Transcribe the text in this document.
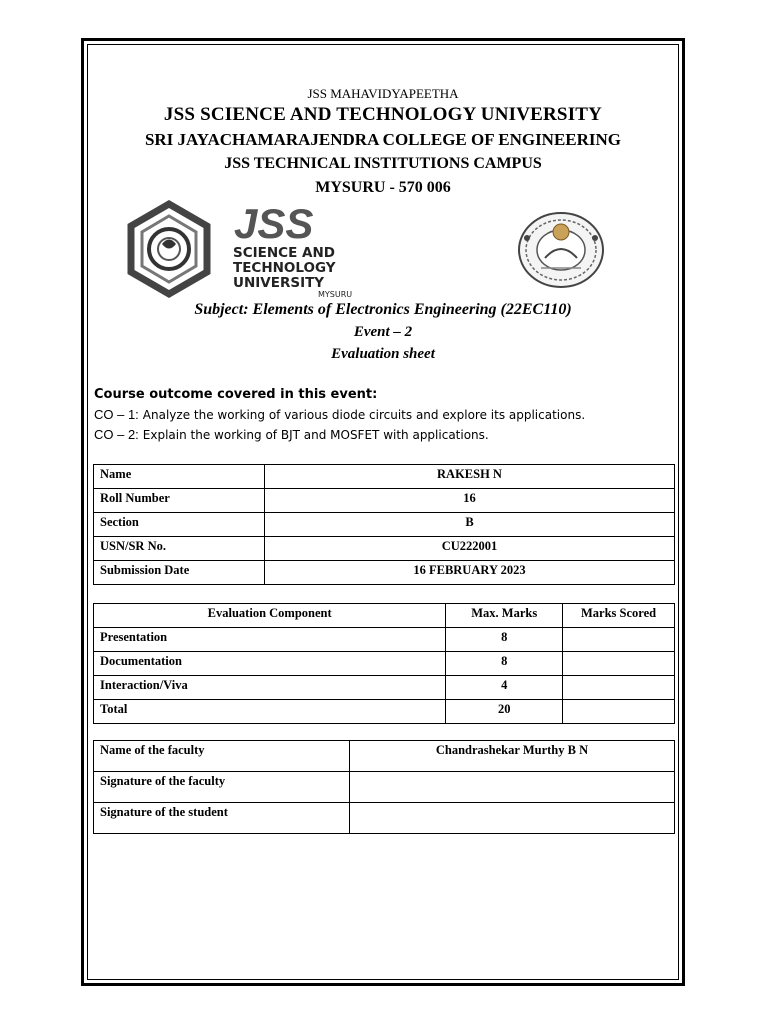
JSS MAHAVIDYAPEETHA
JSS SCIENCE AND TECHNOLOGY UNIVERSITY
SRI JAYACHAMARAJENDRA COLLEGE OF ENGINEERING
JSS TECHNICAL INSTITUTIONS CAMPUS
MYSURU - 570 006
JSS
SCIENCE AND
TECHNOLOGY
UNIVERSITY
MYSURU
Subject: Elements of Electronics Engineering (22EC110)
Event – 2
Evaluation sheet
Course outcome covered in this event:
CO – 1: Analyze the working of various diode circuits and explore its applications.
CO – 2: Explain the working of BJT and MOSFET with applications.
Name	RAKESH N
Roll Number	16
Section	B
USN/SR No.	CU222001
Submission Date	16 FEBRUARY 2023
Evaluation Component	Max. Marks	Marks Scored
Presentation	8	
Documentation	8	
Interaction/Viva	4	
Total	20	
Name of the faculty	Chandrashekar Murthy B N
Signature of the faculty	
Signature of the student	
